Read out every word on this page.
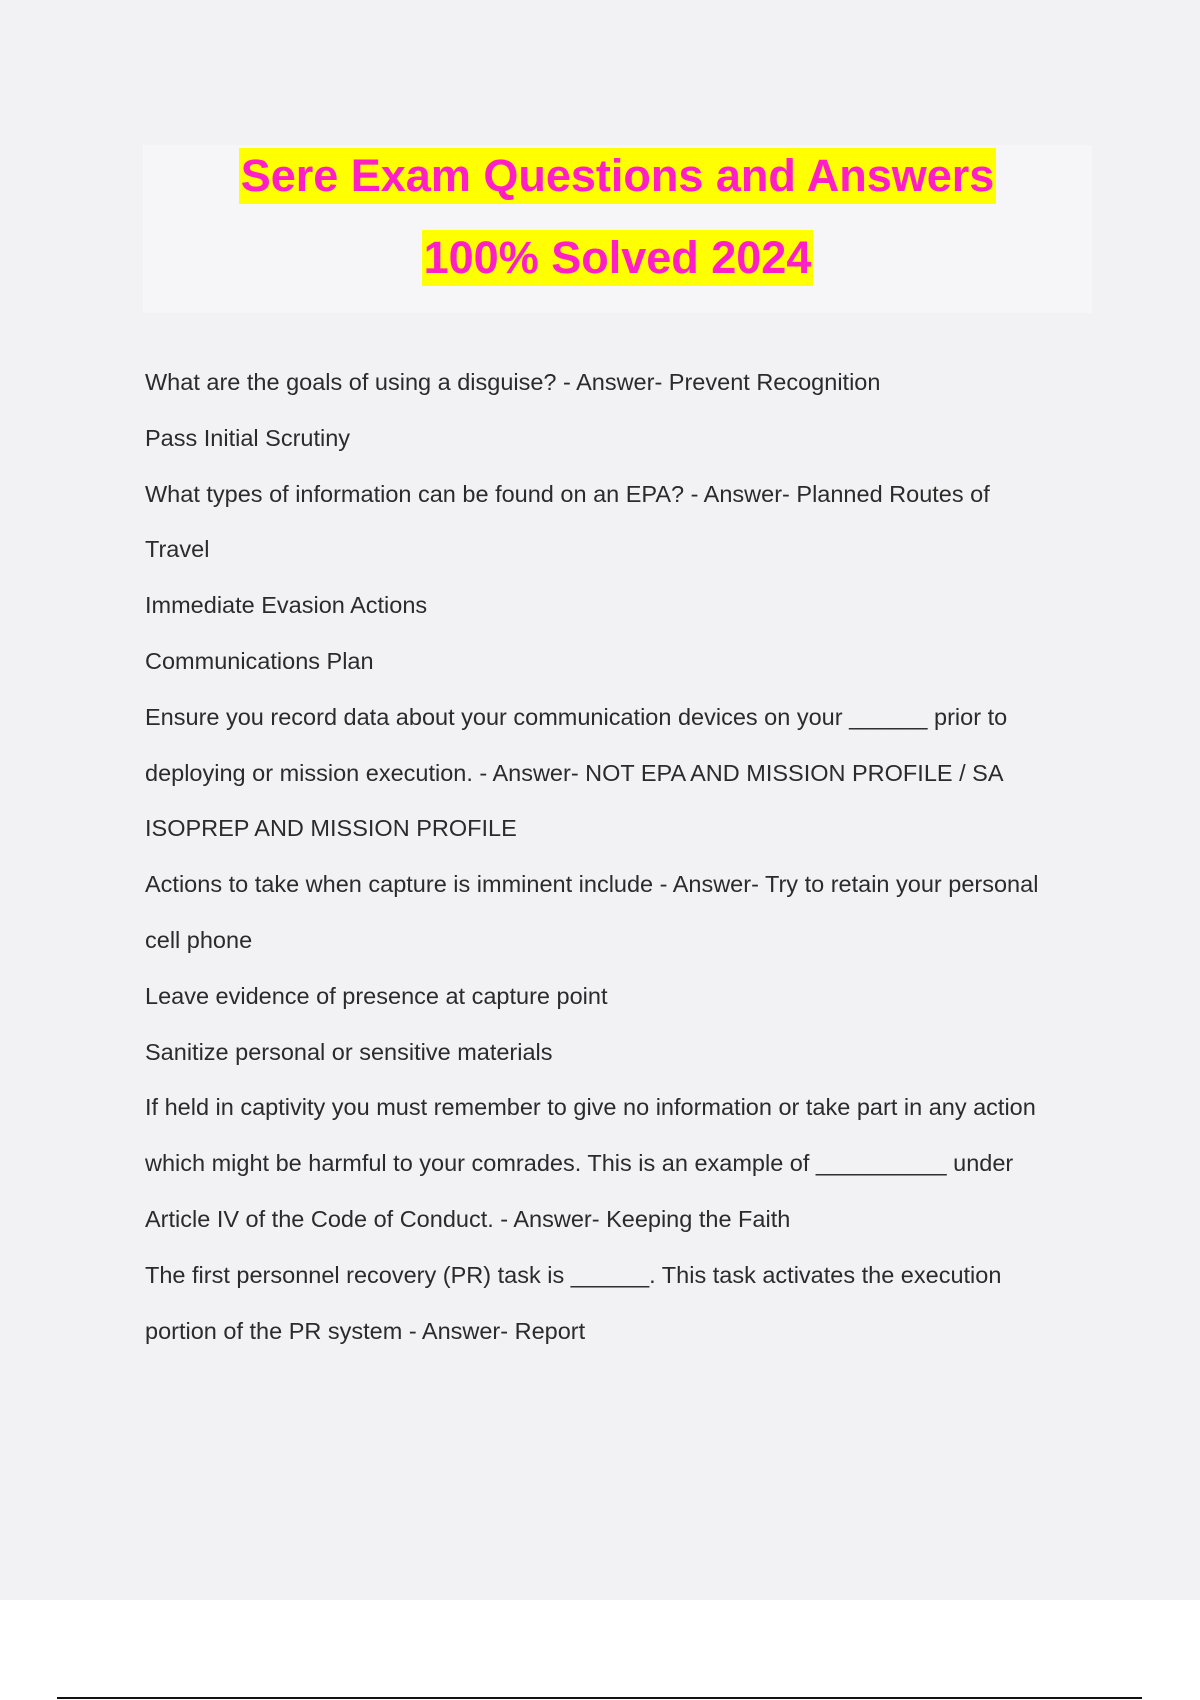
Sere Exam Questions and Answers
100% Solved 2024
What are the goals of using a disguise? - Answer- Prevent Recognition
Pass Initial Scrutiny
What types of information can be found on an EPA? - Answer- Planned Routes of
Travel
Immediate Evasion Actions
Communications Plan
Ensure you record data about your communication devices on your ______ prior to
deploying or mission execution. - Answer- NOT EPA AND MISSION PROFILE / SA
ISOPREP AND MISSION PROFILE
Actions to take when capture is imminent include - Answer- Try to retain your personal
cell phone
Leave evidence of presence at capture point
Sanitize personal or sensitive materials
If held in captivity you must remember to give no information or take part in any action
which might be harmful to your comrades. This is an example of __________ under
Article IV of the Code of Conduct. - Answer- Keeping the Faith
The first personnel recovery (PR) task is ______. This task activates the execution
portion of the PR system - Answer- Report
